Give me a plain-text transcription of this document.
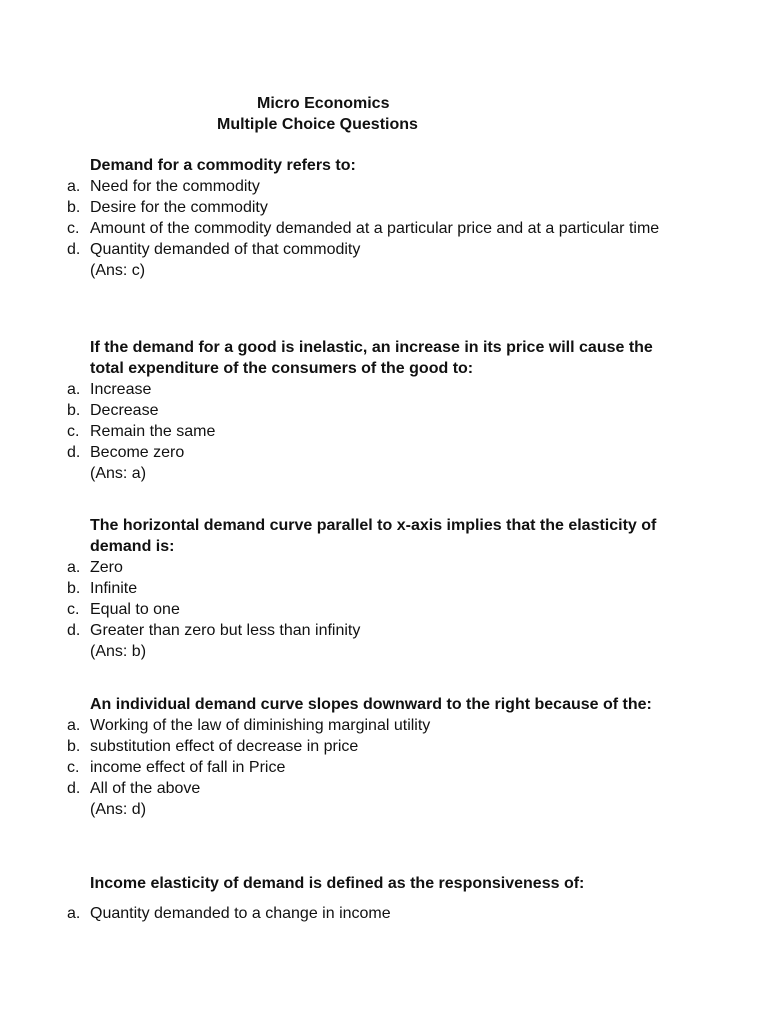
Micro Economics
Multiple Choice Questions
Demand for a commodity refers to:
a. Need for the commodity
b. Desire for the commodity
c. Amount of the commodity demanded at a particular price and at a particular time
d. Quantity demanded of that commodity
(Ans: c)
If the demand for a good is inelastic, an increase in its price will cause the total expenditure of the consumers of the good to:
a. Increase
b. Decrease
c. Remain the same
d. Become zero
(Ans: a)
The horizontal demand curve parallel to x-axis implies that the elasticity of demand is:
a. Zero
b. Infinite
c. Equal to one
d. Greater than zero but less than infinity
(Ans: b)
An individual demand curve slopes downward to the right because of the:
a. Working of the law of diminishing marginal utility
b. substitution effect of decrease in price
c. income effect of fall in Price
d. All of the above
(Ans: d)
Income elasticity of demand is defined as the responsiveness of:
a. Quantity demanded to a change in income
